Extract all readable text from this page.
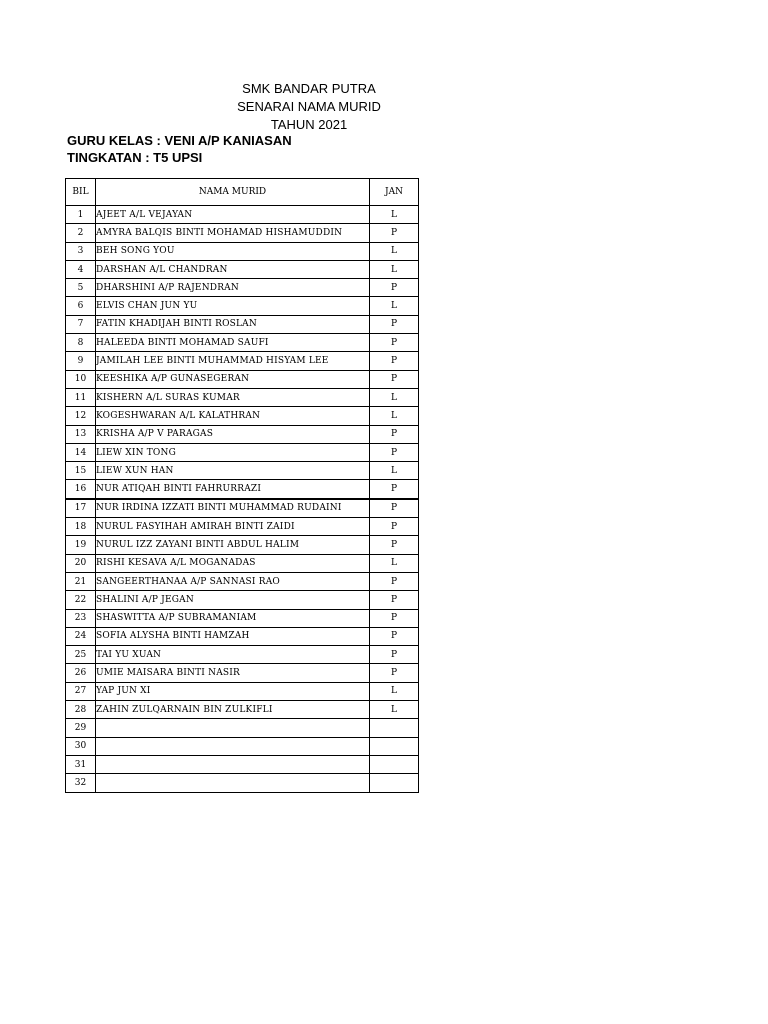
SMK BANDAR PUTRA
SENARAI NAMA MURID
TAHUN 2021
GURU KELAS : VENI A/P KANIASAN
TINGKATAN : T5 UPSI
BIL	NAMA MURID	JAN
1	AJEET A/L VEJAYAN	L
2	AMYRA BALQIS BINTI MOHAMAD HISHAMUDDIN	P
3	BEH SONG YOU	L
4	DARSHAN A/L CHANDRAN	L
5	DHARSHINI A/P RAJENDRAN	P
6	ELVIS CHAN JUN YU	L
7	FATIN KHADIJAH BINTI ROSLAN	P
8	HALEEDA BINTI MOHAMAD SAUFI	P
9	JAMILAH LEE BINTI MUHAMMAD HISYAM LEE	P
10	KEESHIKA A/P GUNASEGERAN	P
11	KISHERN A/L SURAS KUMAR	L
12	KOGESHWARAN A/L KALATHRAN	L
13	KRISHA A/P V PARAGAS	P
14	LIEW XIN TONG	P
15	LIEW XUN HAN	L
16	NUR ATIQAH BINTI FAHRURRAZI	P
17	NUR IRDINA IZZATI BINTI MUHAMMAD RUDAINI	P
18	NURUL FASYIHAH AMIRAH BINTI ZAIDI	P
19	NURUL IZZ ZAYANI BINTI ABDUL HALIM	P
20	RISHI KESAVA A/L MOGANADAS	L
21	SANGEERTHANAA A/P SANNASI RAO	P
22	SHALINI A/P JEGAN	P
23	SHASWITTA A/P SUBRAMANIAM	P
24	SOFIA ALYSHA BINTI HAMZAH	P
25	TAI YU XUAN	P
26	UMIE MAISARA BINTI NASIR	P
27	YAP JUN XI	L
28	ZAHIN ZULQARNAIN BIN ZULKIFLI	L
29		
30		
31		
32		
